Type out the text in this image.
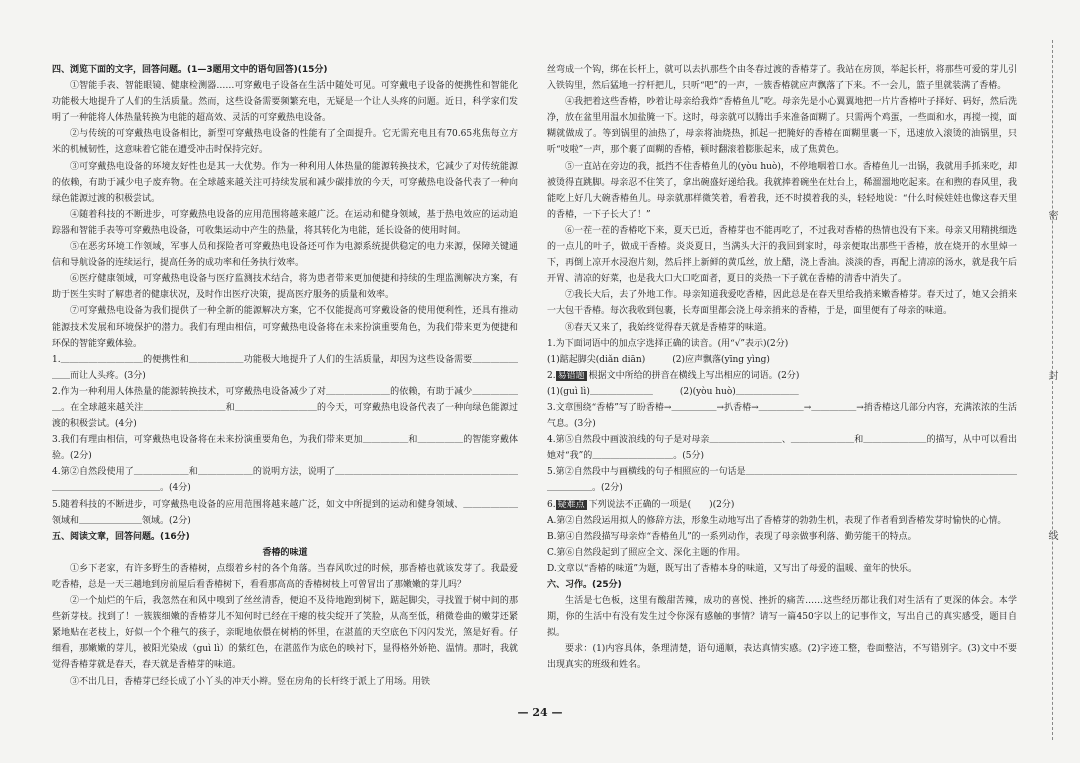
四、浏览下面的文字，回答问题。(1—3题用文中的语句回答)(15分)

①智能手表、智能眼镜、健康检测器……可穿戴电子设备在生活中随处可见。可穿戴电子设备的便携性和智能化功能极大地提升了人们的生活质量。然而，这些设备需要频繁充电，无疑是一个让人头疼的问题。近日，科学家们发明了一种能将人体热量转换为电能的超高效、灵活的可穿戴热电设备。

②与传统的可穿戴热电设备相比，新型可穿戴热电设备的性能有了全面提升。它无需充电且有70.65兆焦每立方米的机械韧性，这意味着它能在遭受冲击时保持完好。

③可穿戴热电设备的环境友好性也是其一大优势。作为一种利用人体热量的能源转换技术，它减少了对传统能源的依赖，有助于减少电子废弃物。在全球越来越关注可持续发展和减少碳排放的今天，可穿戴热电设备代表了一种向绿色能源过渡的积极尝试。

④随着科技的不断进步，可穿戴热电设备的应用范围将越来越广泛。在运动和健身领域，基于热电效应的运动追踪器和智能手表等可穿戴热电设备，可收集运动中产生的热量，将其转化为电能，延长设备的使用时间。

⑤在恶劣环境工作领域，军事人员和探险者可穿戴热电设备还可作为电源系统提供稳定的电力来源，保障关键通信和导航设备的连续运行，提高任务的成功率和任务执行效率。

⑥医疗健康领域，可穿戴热电设备与医疗监测技术结合，将为患者带来更加便捷和持续的生理监测解决方案，有助于医生实时了解患者的健康状况，及时作出医疗决策，提高医疗服务的质量和效率。

⑦可穿戴热电设备为我们提供了一种全新的能源解决方案，它不仅能提高可穿戴设备的使用便利性，还具有推动能源技术发展和环境保护的潜力。我们有理由相信，可穿戴热电设备将在未来扮演重要角色，为我们带来更为便捷和环保的智能穿戴体验。

1.＿＿＿＿＿＿＿＿＿的便携性和＿＿＿＿＿＿功能极大地提升了人们的生活质量，却因为这些设备需要＿＿＿＿＿＿＿而让人头疼。(3分)

2.作为一种利用人体热量的能源转换技术，可穿戴热电设备减少了对＿＿＿＿＿＿＿的依赖，有助于减少＿＿＿＿＿＿。在全球越来越关注＿＿＿＿＿＿＿＿＿和＿＿＿＿＿＿＿＿＿的今天，可穿戴热电设备代表了一种向绿色能源过渡的积极尝试。(4分)

3.我们有理由相信，可穿戴热电设备将在未来扮演重要角色，为我们带来更加＿＿＿＿＿和＿＿＿＿＿的智能穿戴体验。(2分)

4.第②自然段使用了＿＿＿＿＿＿和＿＿＿＿＿＿的说明方法，说明了＿＿＿＿＿＿＿＿＿＿＿＿＿＿＿＿＿＿＿＿＿＿＿＿＿＿＿＿＿＿＿＿。(4分)

5.随着科技的不断进步，可穿戴热电设备的应用范围将越来越广泛，如文中所提到的运动和健身领域、＿＿＿＿＿＿领域和＿＿＿＿＿＿＿领域。(2分)

五、阅读文章，回答问题。(16分)

香椿的味道

①乡下老家，有许多野生的香椿树，点缀着乡村的各个角落。当春风吹过的时候，那香椿也就该发芽了。我最爱吃香椿，总是一天三趟地到房前屋后看香椿树下，看看那高高的香椿树枝上可曾冒出了那嫩嫩的芽儿吗？

②一个灿烂的午后，我忽然在和风中嗅到了丝丝清香，便迫不及待地跑到树下，踮起脚尖，寻找置于树中间的那些新芽枝。找到了！一簇簇细嫩的香椿芽儿不知何时已经在干瘪的枝尖绽开了笑脸，从高至低，稍微卷曲的嫩芽还紧紧地贴在老枝上，好似一个个稚气的孩子，亲昵地依偎在树梢的怀里，在湛蓝的天空底色下闪闪发光，煞是好看。仔细看，那嫩嫩的芽儿，被阳光染成（guì lì）的紫红色，在湛蓝作为底色的映衬下，显得格外娇艳、温情。那时，我就觉得香椿芽就是春天，春天就是香椿芽的味道。

③不出几日，香椿芽已经长成了小丫头的冲天小辫。竖在房角的长杆终于派上了用场。用铁

丝弯成一个钩，绑在长杆上，就可以去扒那些个由冬春过渡的香椿芽了。我站在房顶，举起长杆，将那些可爱的芽儿引入铁钩里，然后猛地一拧杆把儿，只听“吧”的一声，一簇香椿就应声飘落了下来。不一会儿，篮子里就装满了香椿。

④我把着这些香椿，吵着让母亲给我炸“香椿鱼儿”吃。母亲先是小心翼翼地把一片片香椿叶子择好、码好，然后洗净，放在盆里用温水加盐腌一下。这时，母亲就可以腾出手来准备面糊了。只需两个鸡蛋，一些面和水，再搅一搅，面糊就做成了。等到锅里的油热了，母亲将油烧热，抓起一把腌好的香椿在面糊里裹一下，迅速放入滚烫的油锅里，只听“吱啦”一声，那个裹了面糊的香椿，顿时翻滚着膨胀起来，成了焦黄色。

⑤一直站在旁边的我，抵挡不住香椿鱼儿的(yòu huò)，不停地咽着口水。香椿鱼儿一出锅，我就用手抓来吃，却被烫得直跳脚。母亲忍不住笑了，拿出碗盛好递给我。我就捧着碗坐在灶台上，稀溜溜地吃起来。在和煦的春风里，我能吃上好几大碗香椿鱼儿。母亲就那样微笑着，看着我，还不时摸着我的头，轻轻地说：“什么时候娃娃也像这春天里的香椿，一下子长大了！”

⑥一茬一茬的香椿吃下来，夏天已近，香椿芽也不能再吃了，不过我对香椿的热情也没有下来。母亲又用精挑细选的一点儿的叶子，做成干香椿。炎炎夏日，当满头大汗的我回到家时，母亲便取出那些干香椿，放在烧开的水里焯一下，再倒上凉开水浸泡片刻，然后拌上新鲜的黄瓜丝，放上醋，浇上香油。淡淡的香，再配上清凉的汤水，就是我午后开胃、清凉的好菜，也是我大口大口吃面者，夏日的炎热一下子就在香椿的清香中消失了。

⑦我长大后，去了外地工作。母亲知道我爱吃香椿，因此总是在春天里给我捎来嫩香椿芽。春天过了，她又会捎来一大包干香椿。每次我收到包裹，长寿面里都会浇上母亲捎来的香椿，于是，面里便有了母亲的味道。

⑧春天又来了，我始终觉得春天就是香椿芽的味道。

1.为下面词语中的加点字选择正确的读音。(用“√”表示)(2分)

(1)踮起脚尖(diǎn diān)　　　(2)应声飘落(yīng yìng)

2. 易错题 根据文中所给的拼音在横线上写出相应的词语。(2分)

(1)(guì lì)＿＿＿＿＿＿＿　　　(2)(yòu huò)＿＿＿＿＿＿＿

3.文章围绕“香椿”写了盼香椿→＿＿＿＿＿→扒香椿→＿＿＿＿＿→＿＿＿＿＿→捎香椿这几部分内容，充满浓浓的生活气息。(3分)

4.第⑤自然段中画波浪线的句子是对母亲＿＿＿＿＿＿＿＿、＿＿＿＿＿＿＿和＿＿＿＿＿＿＿的描写，从中可以看出她对“我”的＿＿＿＿＿＿＿＿＿。(5分)

5.第②自然段中与画横线的句子相照应的一句话是＿＿＿＿＿＿＿＿＿＿＿＿＿＿＿＿＿＿＿＿＿＿＿＿＿＿＿＿＿＿＿＿＿＿＿。(2分)

6. 疑难点 下列说法不正确的一项是(　　)(2分)

A.第②自然段运用拟人的修辞方法，形象生动地写出了香椿芽的勃勃生机，表现了作者看到香椿发芽时愉快的心情。

B.第④自然段描写母亲炸“香椿鱼儿”的一系列动作，表现了母亲做事利落、勤劳能干的特点。

C.第⑥自然段起到了照应全文、深化主题的作用。

D.文章以“香椿的味道”为题，既写出了香椿本身的味道，又写出了母爱的温暖、童年的快乐。

六、习作。(25分)

生活是七色板，这里有酸甜苦辣，成功的喜悦、挫折的痛苦……这些经历都让我们对生活有了更深的体会。本学期，你的生活中有没有发生过令你深有感触的事情？请写一篇450字以上的记事作文，写出自己的真实感受，题目自拟。

要求：(1)内容具体，条理清楚，语句通顺，表达真情实感。(2)字迹工整，卷面整洁，不写错别字。(3)文中不要出现真实的班级和姓名。

密
封
线
— 24 —
